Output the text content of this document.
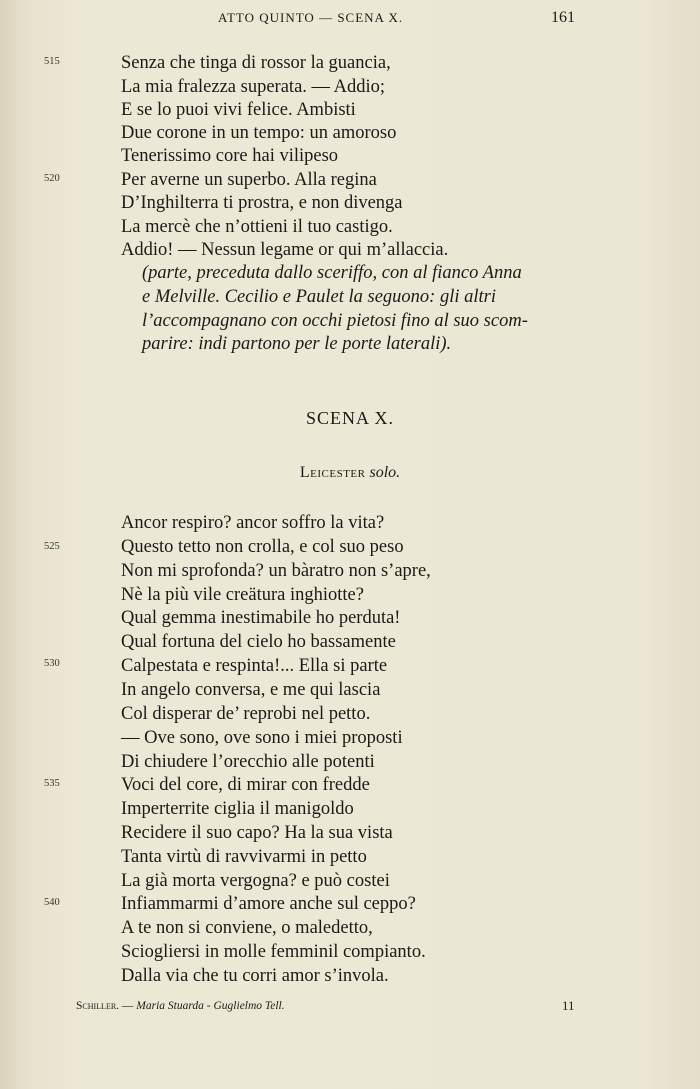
ATTO QUINTO — SCENA X.	161
515
520
Senza che tinga di rossor la guancia,
La mia fralezza superata. — Addio;
E se lo puoi vivi felice. Ambisti
Due corone in un tempo: un amoroso
Tenerissimo core hai vilipeso
Per averne un superbo. Alla regina
D’Inghilterra ti prostra, e non divenga
La mercè che n’ottieni il tuo castigo.
Addio! — Nessun legame or qui m’allaccia.
(parte, preceduta dallo sceriffo, con al fianco Anna
e Melville. Cecilio e Paulet la seguono: gli altri
l’accompagnano con occhi pietosi fino al suo scom-
parire: indi partono per le porte laterali).
SCENA X.
Leicester solo.
525
530
535
540
Ancor respiro? ancor soffro la vita?
Questo tetto non crolla, e col suo peso
Non mi sprofonda? un bàratro non s’apre,
Nè la più vile creätura inghiotte?
Qual gemma inestimabile ho perduta!
Qual fortuna del cielo ho bassamente
Calpestata e respinta!... Ella si parte
In angelo conversa, e me qui lascia
Col disperar de’ reprobi nel petto.
— Ove sono, ove sono i miei proposti
Di chiudere l’orecchio alle potenti
Voci del core, di mirar con fredde
Imperterrite ciglia il manigoldo
Recidere il suo capo? Ha la sua vista
Tanta virtù di ravvivarmi in petto
La già morta vergogna? e può costei
Infiammarmi d’amore anche sul ceppo?
A te non si conviene, o maledetto,
Sciogliersi in molle femminil compianto.
Dalla via che tu corri amor s’invola.
Schiller. — Maria Stuarda - Guglielmo Tell.	11
